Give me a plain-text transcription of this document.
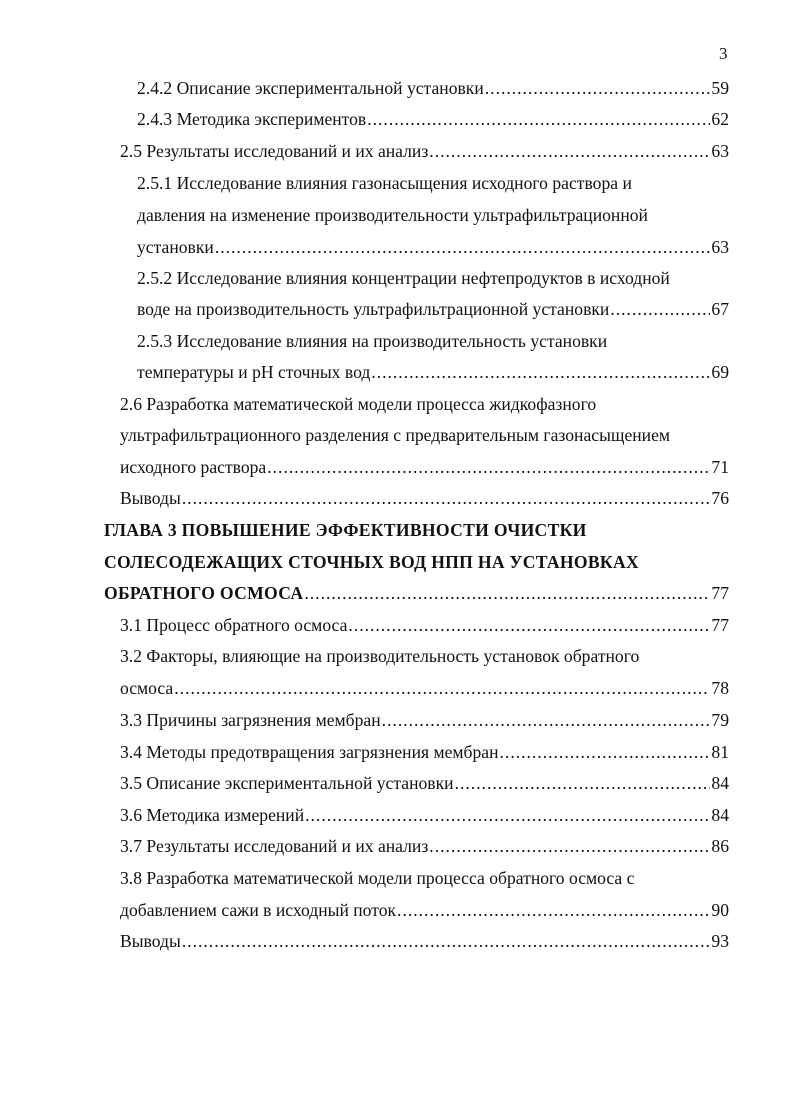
3
2.4.2 Описание экспериментальной установки .....	59
2.4.3 Методика экспериментов .....	62
2.5 Результаты исследований и их анализ .....	63
2.5.1 Исследование влияния газонасыщения исходного раствора и
давления на изменение производительности ультрафильтрационной
установки .....	63
2.5.2 Исследование влияния концентрации нефтепродуктов в исходной
воде на производительность ультрафильтрационной установки .....	67
2.5.3 Исследование влияния на производительность установки
температуры и pH сточных вод .....	69
2.6 Разработка математической модели процесса жидкофазного
ультрафильтрационного разделения с предварительным газонасыщением
исходного раствора .....	71
Выводы .....	76
ГЛАВА 3 ПОВЫШЕНИЕ ЭФФЕКТИВНОСТИ ОЧИСТКИ
СОЛЕСОДЕЖАЩИХ СТОЧНЫХ ВОД НПП НА УСТАНОВКАХ
ОБРАТНОГО ОСМОСА .....	77
3.1 Процесс обратного осмоса .....	77
3.2 Факторы, влияющие на производительность установок обратного
осмоса .....	78
3.3 Причины загрязнения мембран .....	79
3.4 Методы предотвращения загрязнения мембран .....	81
3.5 Описание экспериментальной установки .....	84
3.6 Методика измерений .....	84
3.7 Результаты исследований и их анализ .....	86
3.8 Разработка математической модели процесса обратного осмоса с
добавлением сажи в исходный поток .....	90
Выводы .....	93
